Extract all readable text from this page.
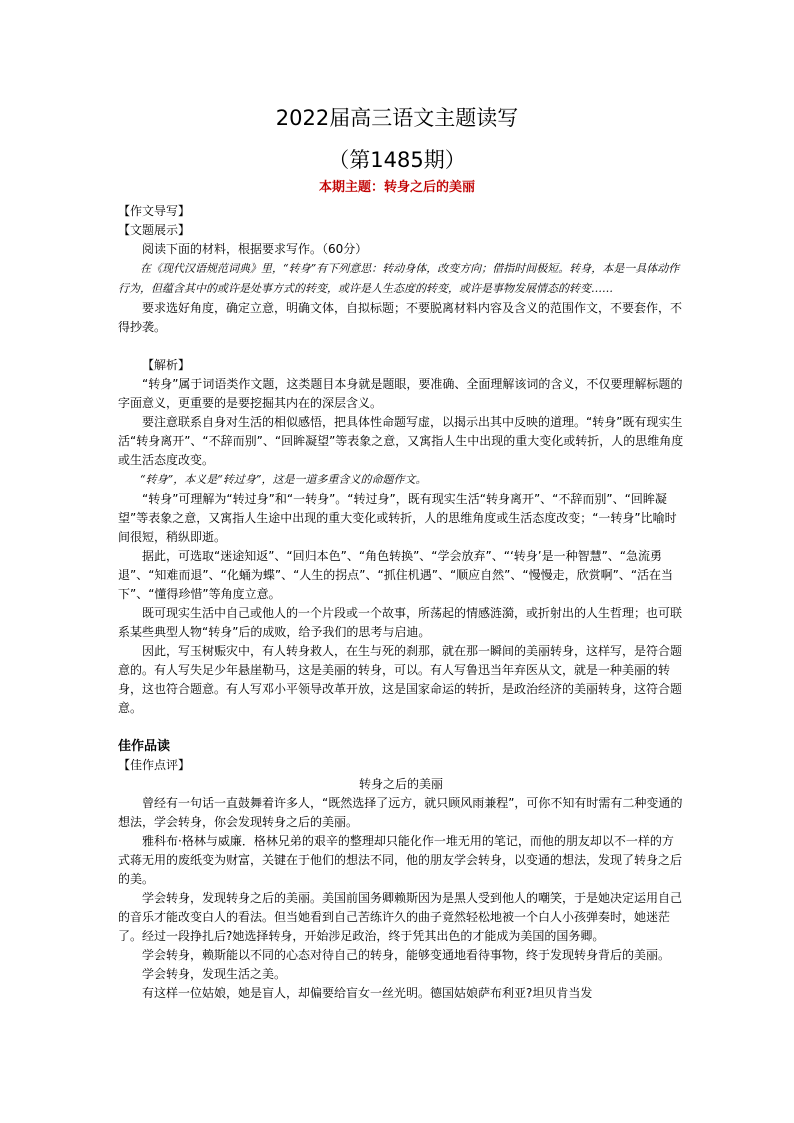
2022届高三语文主题读写
（第1485期）
本期主题：转身之后的美丽

【作文导写】

【文题展示】

阅读下面的材料，根据要求写作。（60分）

在《现代汉语规范词典》里，“转身”有下列意思：转动身体，改变方向；借指时间极短。转身，本是一具体动作行为，但蕴含其中的或许是处事方式的转变，或许是人生态度的转变，或许是事物发展情态的转变……

要求选好角度，确定立意，明确文体，自拟标题；不要脱离材料内容及含义的范围作文，不要套作，不得抄袭。

【解析】

“转身”属于词语类作文题，这类题目本身就是题眼，要准确、全面理解该词的含义，不仅要理解标题的字面意义，更重要的是要挖掘其内在的深层含义。

要注意联系自身对生活的相似感悟，把具体性命题写虚，以揭示出其中反映的道理。“转身”既有现实生活“转身离开”、“不辞而别”、“回眸凝望”等表象之意，又寓指人生中出现的重大变化或转折，人的思维角度或生活态度改变。

“转身”，本义是“转过身”，这是一道多重含义的命题作文。

“转身”可理解为“转过身”和“一转身”。“转过身”，既有现实生活“转身离开”、“不辞而别”、“回眸凝望”等表象之意，又寓指人生途中出现的重大变化或转折，人的思维角度或生活态度改变；“一转身”比喻时间很短，稍纵即逝。

据此，可选取“迷途知返”、“回归本色”、“角色转换”、“学会放弃”、“‘转身’是一种智慧”、“急流勇退”、“知难而退”、“化蛹为蝶”、“人生的拐点”、“抓住机遇”、“顺应自然”、“慢慢走，欣赏啊”、“活在当下”、“懂得珍惜”等角度立意。

既可现实生活中自己或他人的一个片段或一个故事，所荡起的情感涟漪，或折射出的人生哲理；也可联系某些典型人物“转身”后的成败，给予我们的思考与启迪。

因此，写玉树赈灾中，有人转身救人，在生与死的刹那，就在那一瞬间的美丽转身，这样写，是符合题意的。有人写失足少年悬崖勒马，这是美丽的转身，可以。有人写鲁迅当年弃医从文，就是一种美丽的转身，这也符合题意。有人写邓小平领导改革开放，这是国家命运的转折，是政治经济的美丽转身，这符合题意。

佳作品读

【佳作点评】

转身之后的美丽

曾经有一句话一直鼓舞着许多人，“既然选择了远方，就只顾风雨兼程”，可你不知有时需有二种变通的想法，学会转身，你会发现转身之后的美丽。

雅科布·格林与威廉．格林兄弟的艰辛的整理却只能化作一堆无用的笔记，而他的朋友却以不一样的方式蒋无用的废纸变为财富，关键在于他们的想法不同，他的朋友学会转身，以变通的想法，发现了转身之后的美。

学会转身，发现转身之后的美丽。美国前国务卿赖斯因为是黑人受到他人的嘲笑，于是她决定运用自己的音乐才能改变白人的看法。但当她看到自己苦练许久的曲子竟然轻松地被一个白人小孩弹奏时，她迷茫了。经过一段挣扎后?她选择转身，开始涉足政治，终于凭其出色的才能成为美国的国务卿。

学会转身，赖斯能以不同的心态对待自己的转身，能够变通地看待事物，终于发现转身背后的美丽。

学会转身，发现生活之美。

有这样一位姑娘，她是盲人，却偏要给盲女一丝光明。德国姑娘萨布利亚?坦贝肯当发
